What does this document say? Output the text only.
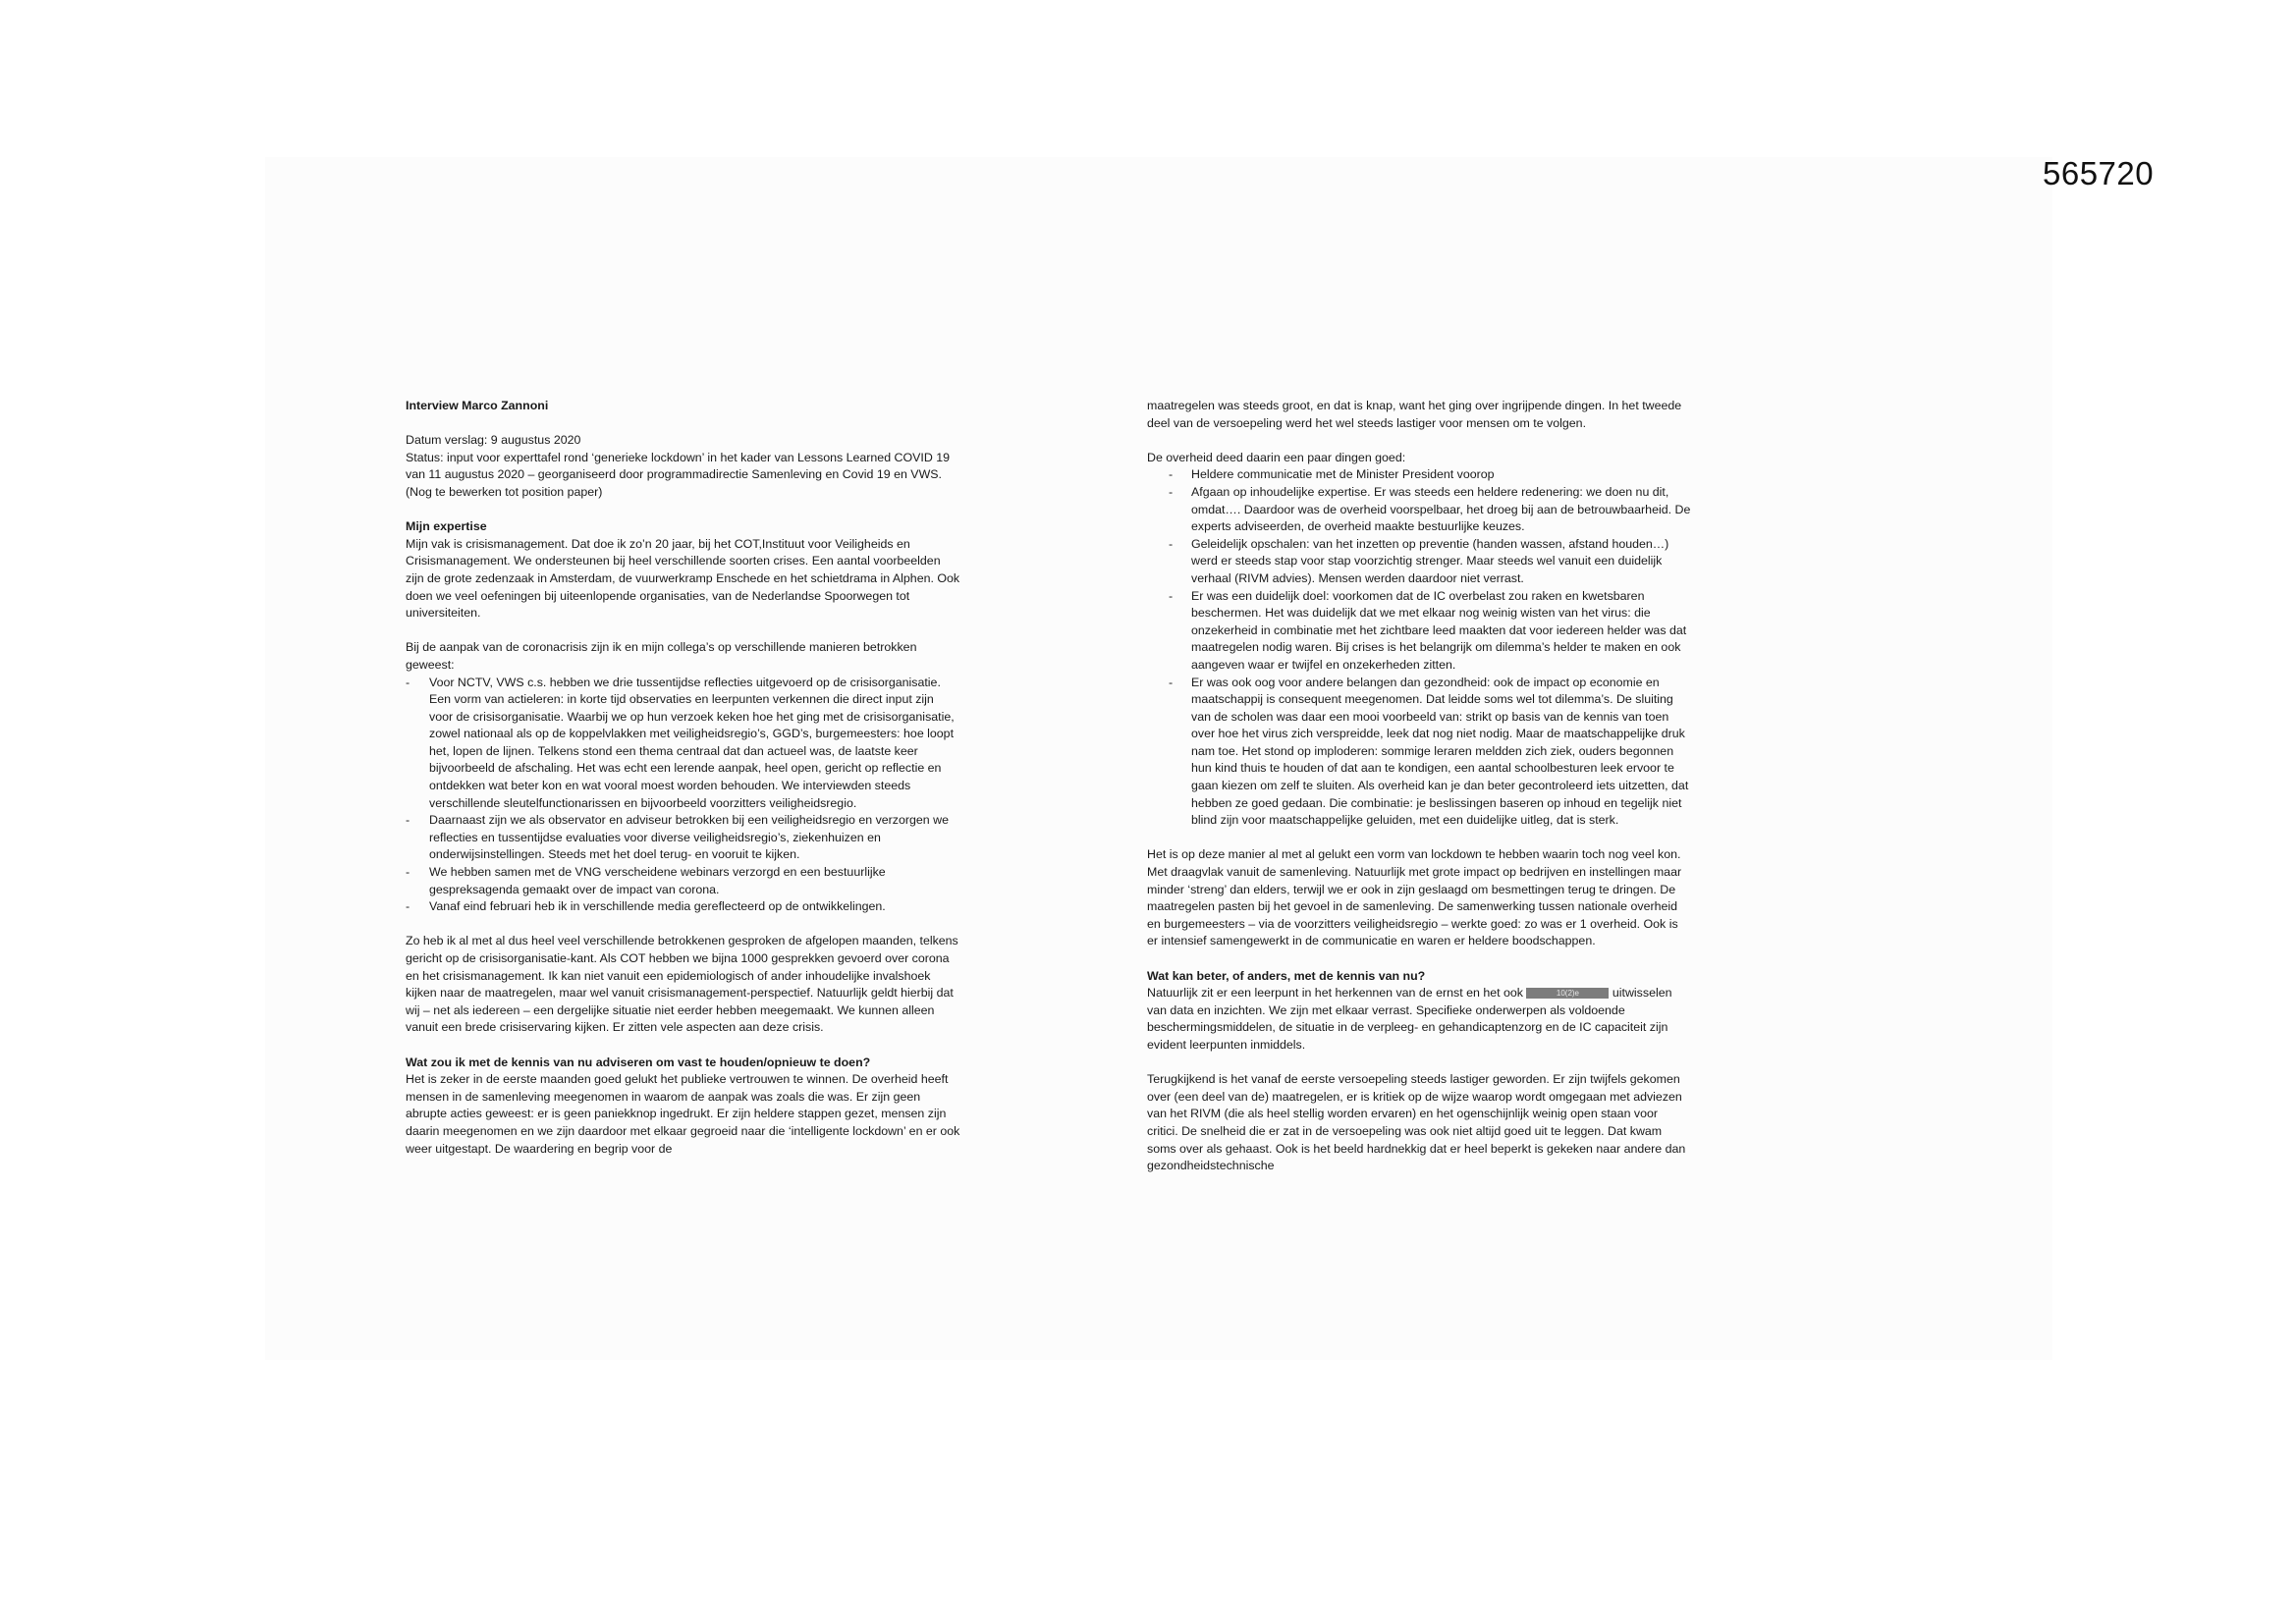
565720
Interview Marco Zannoni

Datum verslag: 9 augustus 2020

Status: input voor experttafel rond ‘generieke lockdown’ in het kader van Lessons Learned COVID 19 van 11 augustus 2020 – georganiseerd door programmadirectie Samenleving en Covid 19 en VWS. (Nog te bewerken tot position paper)

Mijn expertise

Mijn vak is crisismanagement. Dat doe ik zo’n 20 jaar, bij het COT,Instituut voor Veiligheids en Crisismanagement. We ondersteunen bij heel verschillende soorten crises. Een aantal voorbeelden zijn de grote zedenzaak in Amsterdam, de vuurwerkramp Enschede en het schietdrama in Alphen. Ook doen we veel oefeningen bij uiteenlopende organisaties, van de Nederlandse Spoorwegen tot universiteiten.

Bij de aanpak van de coronacrisis zijn ik en mijn collega’s op verschillende manieren betrokken geweest:

- Voor NCTV, VWS c.s. hebben we drie tussentijdse reflecties uitgevoerd op de crisisorganisatie. Een vorm van actieleren: in korte tijd observaties en leerpunten verkennen die direct input zijn voor de crisisorganisatie. Waarbij we op hun verzoek keken hoe het ging met de crisisorganisatie, zowel nationaal als op de koppelvlakken met veiligheidsregio’s, GGD’s, burgemeesters: hoe loopt het, lopen de lijnen. Telkens stond een thema centraal dat dan actueel was, de laatste keer bijvoorbeeld de afschaling. Het was echt een lerende aanpak, heel open, gericht op reflectie en ontdekken wat beter kon en wat vooral moest worden behouden. We interviewden steeds verschillende sleutelfunctionarissen en bijvoorbeeld voorzitters veiligheidsregio.
- Daarnaast zijn we als observator en adviseur betrokken bij een veiligheidsregio en verzorgen we reflecties en tussentijdse evaluaties voor diverse veiligheidsregio’s, ziekenhuizen en onderwijsinstellingen. Steeds met het doel terug- en vooruit te kijken.
- We hebben samen met de VNG verscheidene webinars verzorgd en een bestuurlijke gespreksagenda gemaakt over de impact van corona.
- Vanaf eind februari heb ik in verschillende media gereflecteerd op de ontwikkelingen.

Zo heb ik al met al dus heel veel verschillende betrokkenen gesproken de afgelopen maanden, telkens gericht op de crisisorganisatie-kant. Als COT hebben we bijna 1000 gesprekken gevoerd over corona en het crisismanagement. Ik kan niet vanuit een epidemiologisch of ander inhoudelijke invalshoek kijken naar de maatregelen, maar wel vanuit crisismanagement-perspectief. Natuurlijk geldt hierbij dat wij – net als iedereen – een dergelijke situatie niet eerder hebben meegemaakt. We kunnen alleen vanuit een brede crisiservaring kijken. Er zitten vele aspecten aan deze crisis.

Wat zou ik met de kennis van nu adviseren om vast te houden/opnieuw te doen?

Het is zeker in de eerste maanden goed gelukt het publieke vertrouwen te winnen. De overheid heeft mensen in de samenleving meegenomen in waarom de aanpak was zoals die was. Er zijn geen abrupte acties geweest: er is geen paniekknop ingedrukt. Er zijn heldere stappen gezet, mensen zijn daarin meegenomen en we zijn daardoor met elkaar gegroeid naar die ‘intelligente lockdown’ en er ook weer uitgestapt. De waardering en begrip voor de

maatregelen was steeds groot, en dat is knap, want het ging over ingrijpende dingen. In het tweede deel van de versoepeling werd het wel steeds lastiger voor mensen om te volgen.

De overheid deed daarin een paar dingen goed:

- Heldere communicatie met de Minister President voorop
- Afgaan op inhoudelijke expertise. Er was steeds een heldere redenering: we doen nu dit, omdat…. Daardoor was de overheid voorspelbaar, het droeg bij aan de betrouwbaarheid. De experts adviseerden, de overheid maakte bestuurlijke keuzes.
- Geleidelijk opschalen: van het inzetten op preventie (handen wassen, afstand houden…) werd er steeds stap voor stap voorzichtig strenger. Maar steeds wel vanuit een duidelijk verhaal (RIVM advies). Mensen werden daardoor niet verrast.
- Er was een duidelijk doel: voorkomen dat de IC overbelast zou raken en kwetsbaren beschermen. Het was duidelijk dat we met elkaar nog weinig wisten van het virus: die onzekerheid in combinatie met het zichtbare leed maakten dat voor iedereen helder was dat maatregelen nodig waren. Bij crises is het belangrijk om dilemma’s helder te maken en ook aangeven waar er twijfel en onzekerheden zitten.
- Er was ook oog voor andere belangen dan gezondheid: ook de impact op economie en maatschappij is consequent meegenomen. Dat leidde soms wel tot dilemma’s. De sluiting van de scholen was daar een mooi voorbeeld van: strikt op basis van de kennis van toen over hoe het virus zich verspreidde, leek dat nog niet nodig. Maar de maatschappelijke druk nam toe. Het stond op imploderen: sommige leraren meldden zich ziek, ouders begonnen hun kind thuis te houden of dat aan te kondigen, een aantal schoolbesturen leek ervoor te gaan kiezen om zelf te sluiten. Als overheid kan je dan beter gecontroleerd iets uitzetten, dat hebben ze goed gedaan. Die combinatie: je beslissingen baseren op inhoud en tegelijk niet blind zijn voor maatschappelijke geluiden, met een duidelijke uitleg, dat is sterk.

Het is op deze manier al met al gelukt een vorm van lockdown te hebben waarin toch nog veel kon. Met draagvlak vanuit de samenleving. Natuurlijk met grote impact op bedrijven en instellingen maar minder ‘streng’ dan elders, terwijl we er ook in zijn geslaagd om besmettingen terug te dringen. De maatregelen pasten bij het gevoel in de samenleving. De samenwerking tussen nationale overheid en burgemeesters – via de voorzitters veiligheidsregio – werkte goed: zo was er 1 overheid. Ook is er intensief samengewerkt in de communicatie en waren er heldere boodschappen.

Wat kan beter, of anders, met de kennis van nu?

Natuurlijk zit er een leerpunt in het herkennen van de ernst en het ook	10(2)e	uitwisselen van data en inzichten. We zijn met elkaar verrast. Specifieke onderwerpen als voldoende beschermingsmiddelen, de situatie in de verpleeg- en gehandicaptenzorg en de IC capaciteit zijn evident leerpunten inmiddels.

Terugkijkend is het vanaf de eerste versoepeling steeds lastiger geworden. Er zijn twijfels gekomen over (een deel van de) maatregelen, er is kritiek op de wijze waarop wordt omgegaan met adviezen van het RIVM (die als heel stellig worden ervaren) en het ogenschijnlijk weinig open staan voor critici. De snelheid die er zat in de versoepeling was ook niet altijd goed uit te leggen. Dat kwam soms over als gehaast. Ook is het beeld hardnekkig dat er heel beperkt is gekeken naar andere dan gezondheidstechnische
